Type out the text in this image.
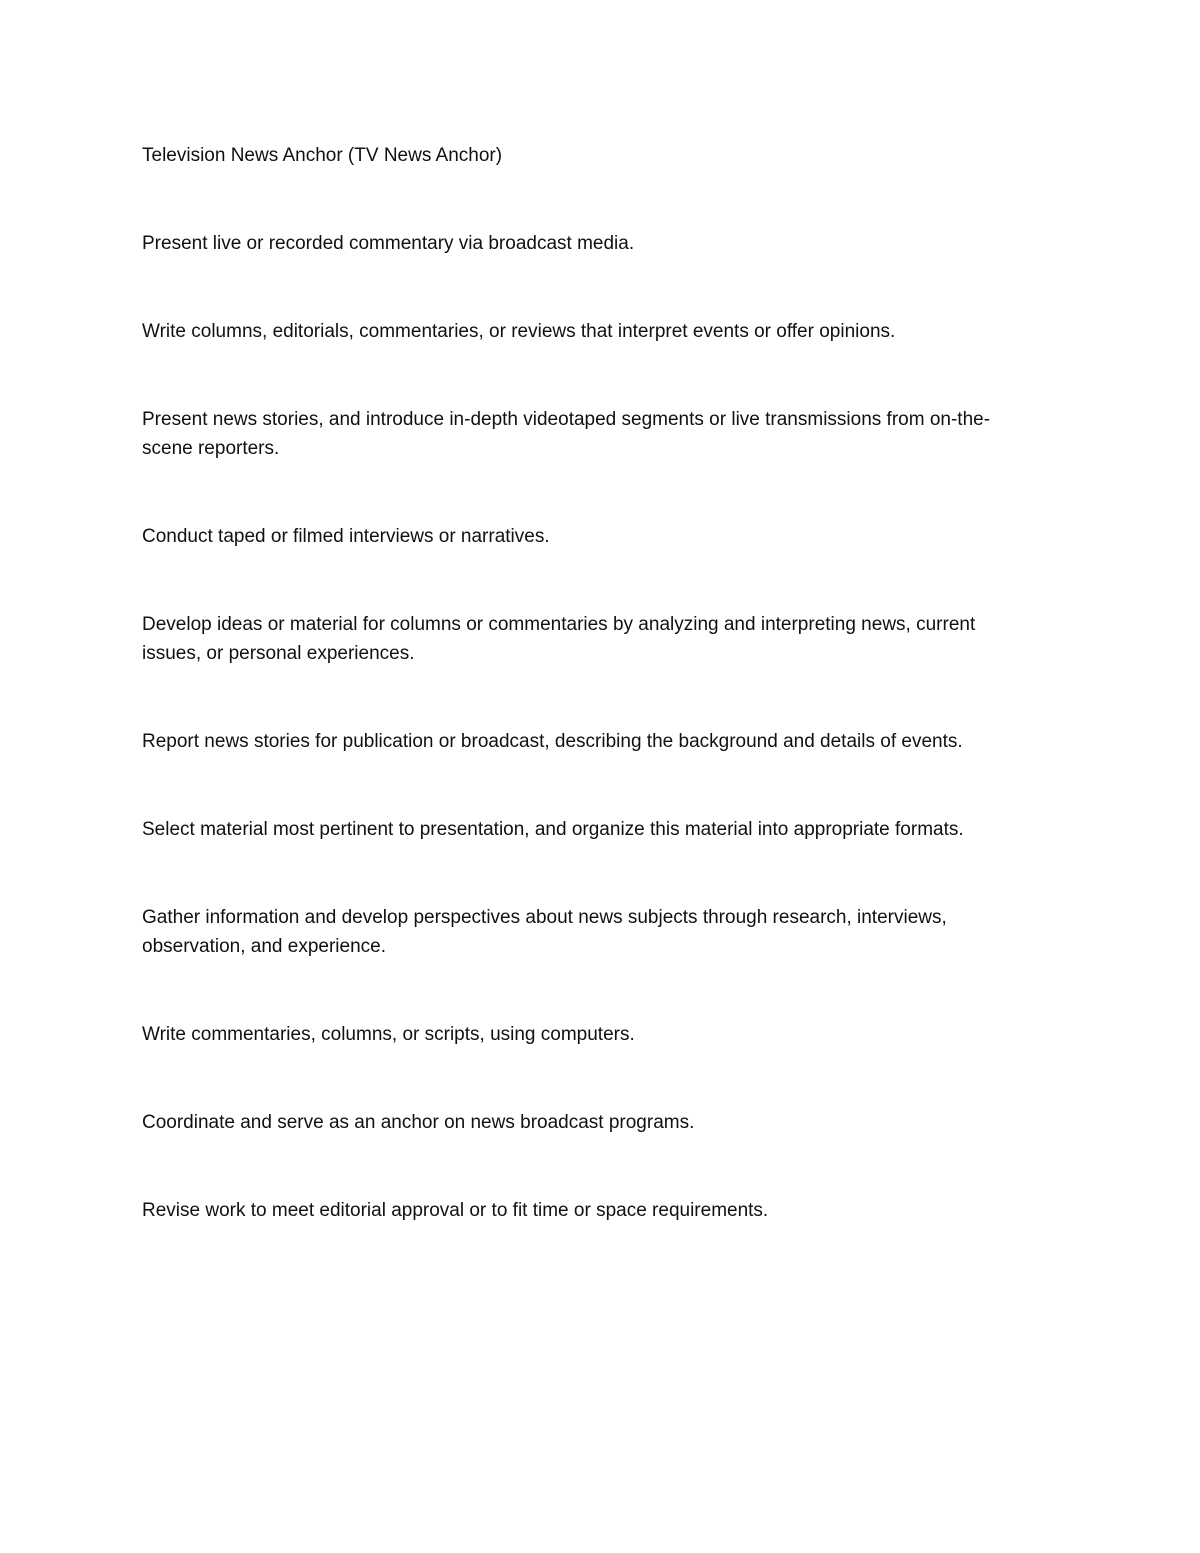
Television News Anchor (TV News Anchor)

Present live or recorded commentary via broadcast media.

Write columns, editorials, commentaries, or reviews that interpret events or offer opinions.

Present news stories, and introduce in-depth videotaped segments or live transmissions from on-the-
scene reporters.

Conduct taped or filmed interviews or narratives.

Develop ideas or material for columns or commentaries by analyzing and interpreting news, current
issues, or personal experiences.

Report news stories for publication or broadcast, describing the background and details of events.

Select material most pertinent to presentation, and organize this material into appropriate formats.

Gather information and develop perspectives about news subjects through research, interviews,
observation, and experience.

Write commentaries, columns, or scripts, using computers.

Coordinate and serve as an anchor on news broadcast programs.

Revise work to meet editorial approval or to fit time or space requirements.
